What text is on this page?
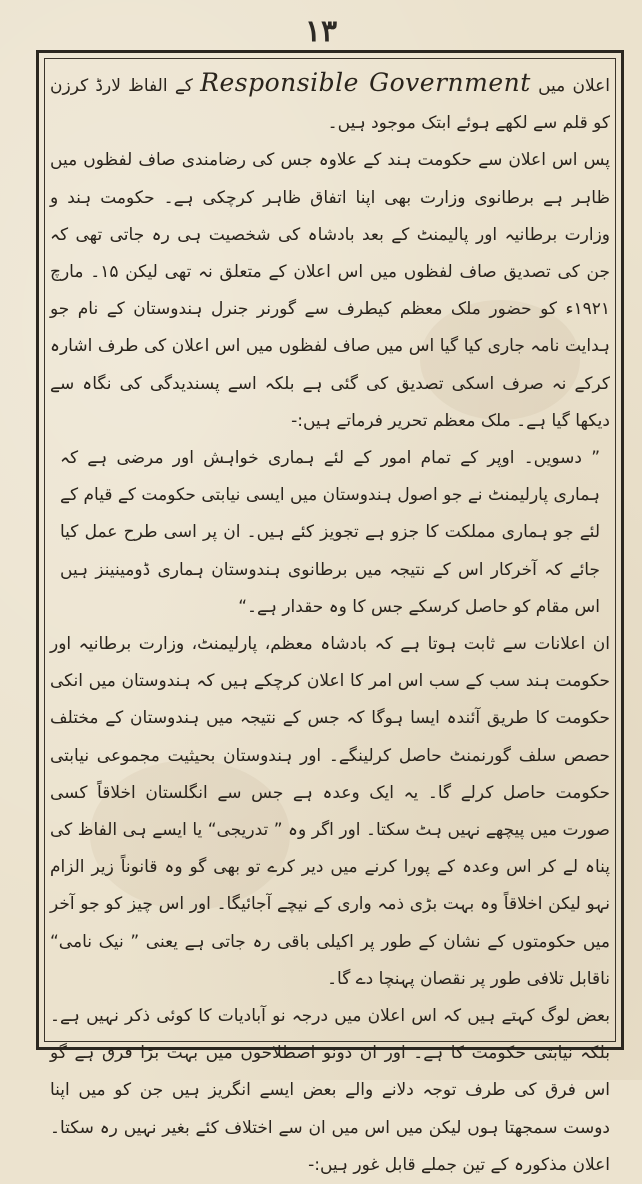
١٣

اعلان میں Responsible Government کے الفاظ لارڈ کرزن کو قلم سے لکھے ہوئے ابتک موجود ہیں۔

پس اس اعلان سے حکومت ہند کے علاوہ جس کی رضامندی صاف لفظوں میں ظاہر ہے برطانوی وزارت بھی اپنا اتفاق ظاہر کرچکی ہے۔ حکومت ہند و وزارت برطانیہ اور پالیمنٹ کے بعد بادشاہ کی شخصیت ہی رہ جاتی تھی کہ جن کی تصدیق صاف لفظوں میں اس اعلان کے متعلق نہ تھی لیکن ۱۵۔ مارچ ۱۹۲۱ء کو حضور ملک معظم کیطرف سے گورنر جنرل ہندوستان کے نام جو ہدایت نامہ جاری کیا گیا اس میں صاف لفظوں میں اس اعلان کی طرف اشارہ کرکے نہ صرف اسکی تصدیق کی گئی ہے بلکہ اسے پسندیدگی کی نگاہ سے دیکھا گیا ہے۔ ملک معظم تحریر فرماتے ہیں:-

” دسویں۔ اوپر کے تمام امور کے لئے ہماری خواہش اور مرضی ہے کہ ہماری پارلیمنٹ نے جو اصول ہندوستان میں ایسی نیابتی حکومت کے قیام کے لئے جو ہماری مملکت کا جزو ہے تجویز کئے ہیں۔ ان پر اسی طرح عمل کیا جائے کہ آخرکار اس کے نتیجہ میں برطانوی ہندوستان ہماری ڈومینینز ہیں اس مقام کو حاصل کرسکے جس کا وہ حقدار ہے۔“

ان اعلانات سے ثابت ہوتا ہے کہ بادشاہ معظم، پارلیمنٹ، وزارت برطانیہ اور حکومت ہند سب کے سب اس امر کا اعلان کرچکے ہیں کہ ہندوستان میں انکی حکومت کا طریق آئندہ ایسا ہوگا کہ جس کے نتیجہ میں ہندوستان کے مختلف حصص سلف گورنمنٹ حاصل کرلینگے۔ اور ہندوستان بحیثیت مجموعی نیابتی حکومت حاصل کرلے گا۔ یہ ایک وعدہ ہے جس سے انگلستان اخلاقاً کسی صورت میں پیچھے نہیں ہٹ سکتا۔ اور اگر وہ ” تدریجی“ یا ایسے ہی الفاظ کی پناہ لے کر اس وعدہ کے پورا کرنے میں دیر کرے تو بھی گو وہ قانوناً زیر الزام نہو لیکن اخلاقاً وہ بہت بڑی ذمہ واری کے نیچے آجائیگا۔ اور اس چیز کو جو آخر میں حکومتوں کے نشان کے طور پر اکیلی باقی رہ جاتی ہے یعنی ” نیک نامی“ ناقابل تلافی طور پر نقصان پہنچا دے گا۔

بعض لوگ کہتے ہیں کہ اس اعلان میں درجہ نو آبادیات کا کوئی ذکر نہیں ہے۔ بلکہ نیابتی حکومت کا ہے۔ اور ان دونو اصطلاحوں میں بہت بڑا فرق ہے گو اس فرق کی طرف توجہ دلانے والے بعض ایسے انگریز ہیں جن کو میں اپنا دوست سمجھتا ہوں لیکن میں اس میں ان سے اختلاف کئے بغیر نہیں رہ سکتا۔ اعلان مذکورہ کے تین جملے قابل غور ہیں:-
